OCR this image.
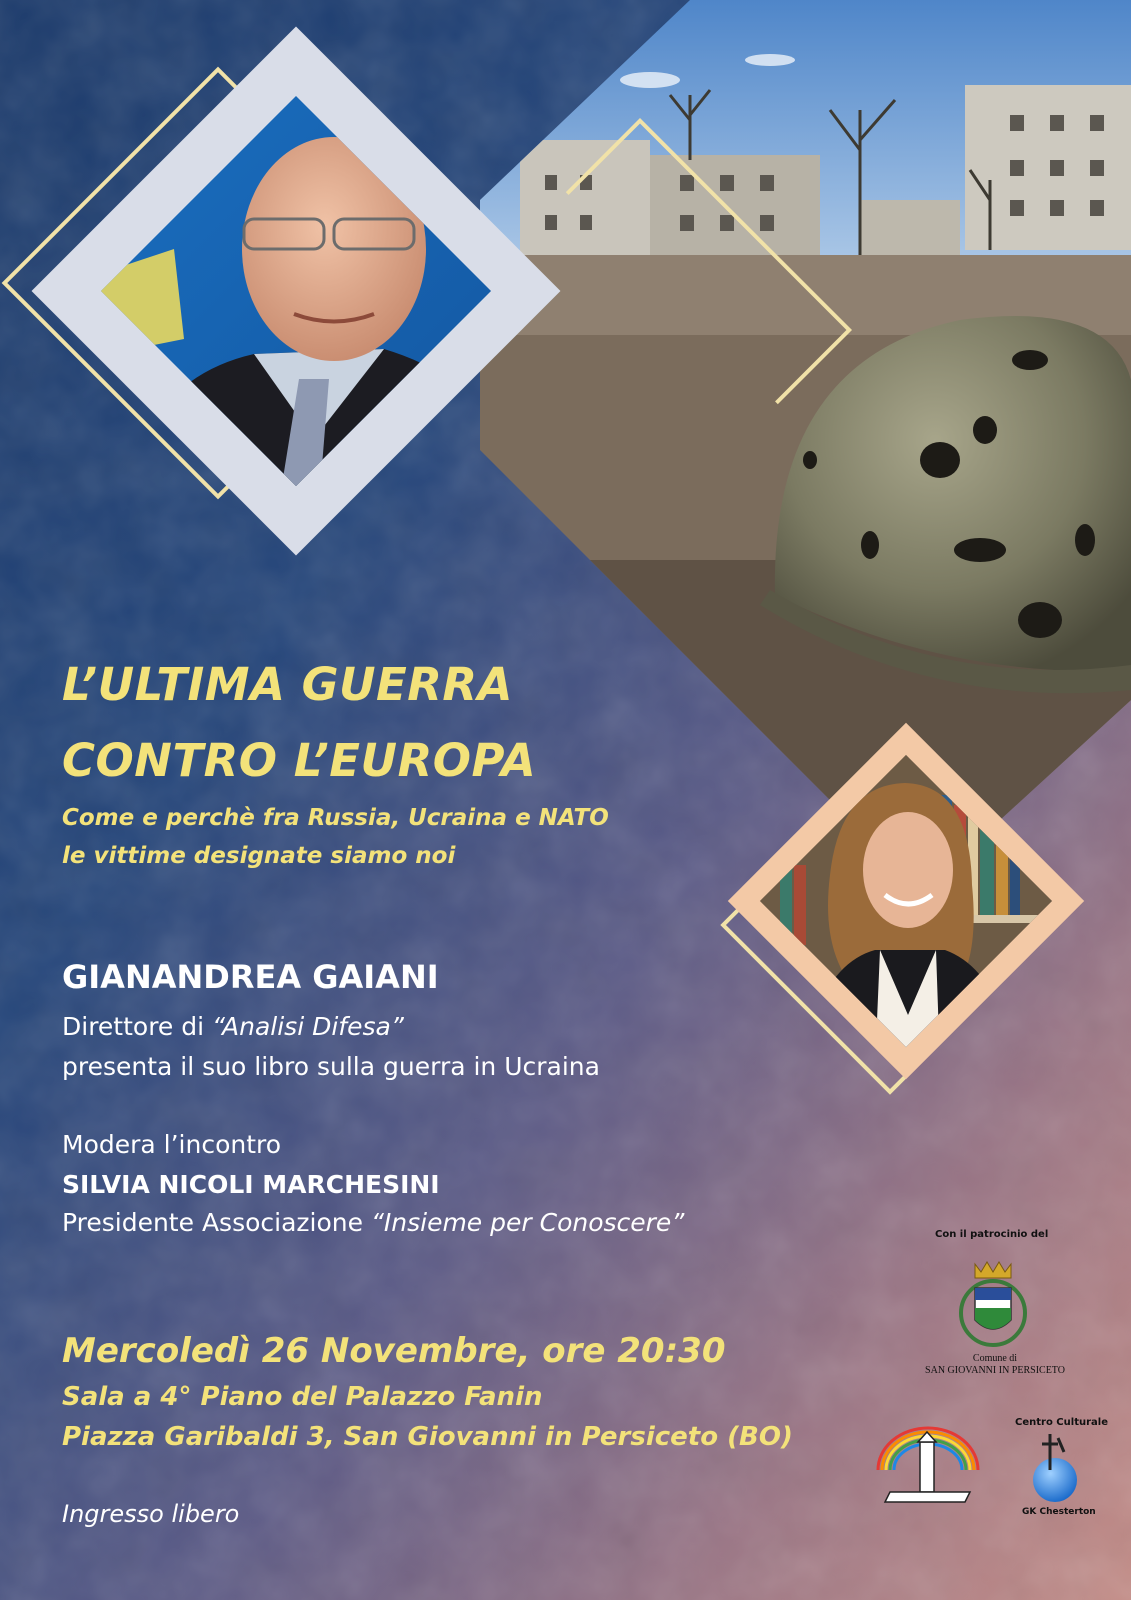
L’ULTIMA GUERRA
CONTRO L’EUROPA
Come e perchè fra Russia, Ucraina e NATO
le vittime designate siamo noi
GIANANDREA GAIANI
Direttore di “Analisi Difesa”
presenta il suo libro sulla guerra in Ucraina
Modera l’incontro
SILVIA NICOLI MARCHESINI
Presidente Associazione “Insieme per Conoscere”
Mercoledì 26 Novembre, ore 20:30
Sala a 4° Piano del Palazzo Fanin
Piazza Garibaldi 3, San Giovanni in Persiceto (BO)
Ingresso libero
Con il patrocinio del
Comune di
SAN GIOVANNI IN PERSICETO
Centro Culturale
GK Chesterton
